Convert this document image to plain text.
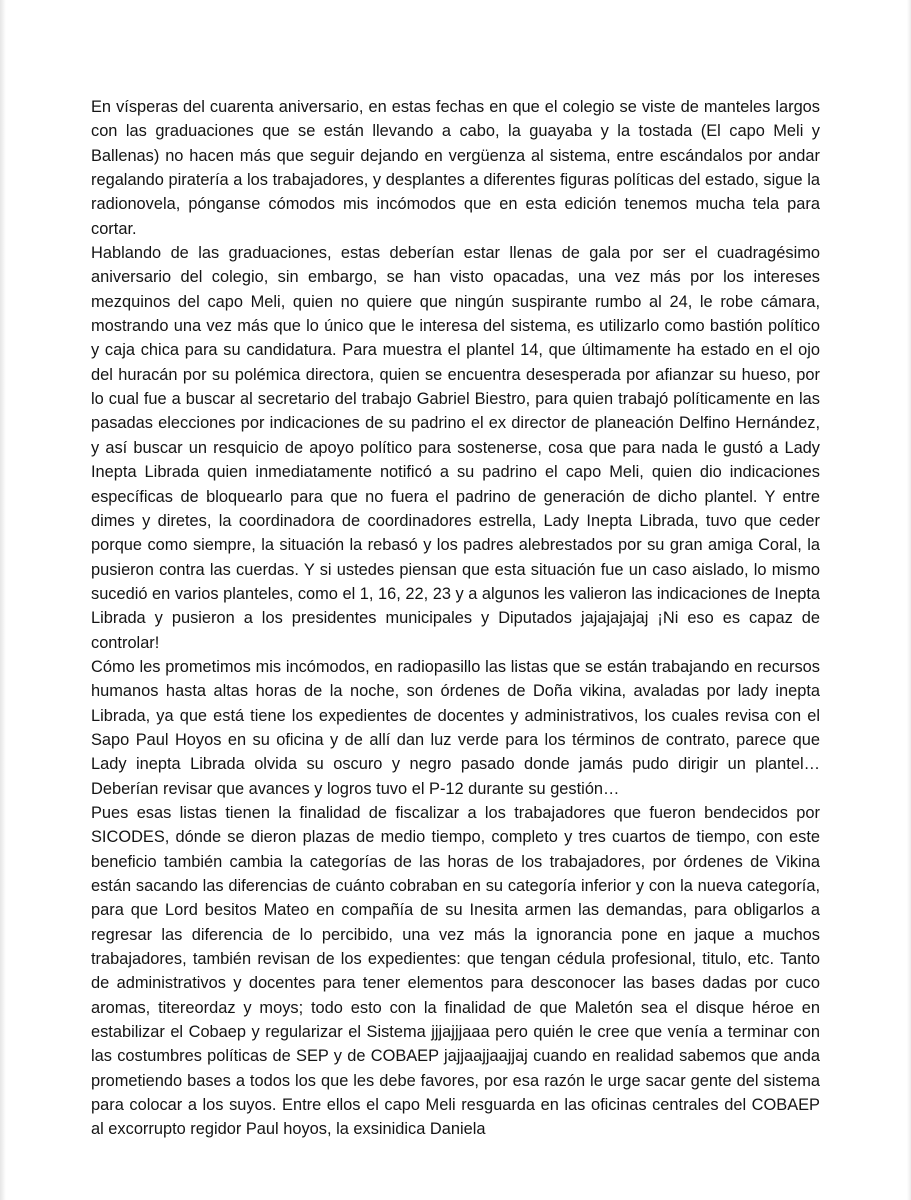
En vísperas del cuarenta aniversario, en estas fechas en que el colegio se viste de manteles largos con las graduaciones que se están llevando a cabo, la guayaba y la tostada (El capo Meli y Ballenas) no hacen más que seguir dejando en vergüenza al sistema, entre escándalos por andar regalando piratería a los trabajadores, y desplantes a diferentes figuras políticas del estado, sigue la radionovela, pónganse cómodos mis incómodos que en esta edición tenemos mucha tela para cortar.

Hablando de las graduaciones, estas deberían estar llenas de gala por ser el cuadragésimo aniversario del colegio, sin embargo, se han visto opacadas, una vez más por los intereses mezquinos del capo Meli, quien no quiere que ningún suspirante rumbo al 24, le robe cámara, mostrando una vez más que lo único que le interesa del sistema, es utilizarlo como bastión político y caja chica para su candidatura. Para muestra el plantel 14, que últimamente ha estado en el ojo del huracán por su polémica directora, quien se encuentra desesperada por afianzar su hueso, por lo cual fue a buscar al secretario del trabajo Gabriel Biestro, para quien trabajó políticamente en las pasadas elecciones por indicaciones de su padrino el ex director de planeación Delfino Hernández, y así buscar un resquicio de apoyo político para sostenerse, cosa que para nada le gustó a Lady Inepta Librada quien inmediatamente notificó a su padrino el capo Meli, quien dio indicaciones específicas de bloquearlo para que no fuera el padrino de generación de dicho plantel. Y entre dimes y diretes, la coordinadora de coordinadores estrella, Lady Inepta Librada, tuvo que ceder porque como siempre, la situación la rebasó y los padres alebrestados por su gran amiga Coral, la pusieron contra las cuerdas. Y si ustedes piensan que esta situación fue un caso aislado, lo mismo sucedió en varios planteles, como el 1, 16, 22, 23 y a algunos les valieron las indicaciones de Inepta Librada y pusieron a los presidentes municipales y Diputados jajajajajaj ¡Ni eso es capaz de controlar!

Cómo les prometimos mis incómodos, en radiopasillo las listas que se están trabajando en recursos humanos hasta altas horas de la noche, son órdenes de Doña vikina, avaladas por lady inepta Librada, ya que está tiene los expedientes de docentes y administrativos, los cuales revisa con el Sapo Paul Hoyos en su oficina y de allí dan luz verde para los términos de contrato, parece que Lady inepta Librada olvida su oscuro y negro pasado donde jamás pudo dirigir un plantel… Deberían revisar que avances y logros tuvo el P-12 durante su gestión…

Pues esas listas tienen la finalidad de fiscalizar a los trabajadores que fueron bendecidos por SICODES, dónde se dieron plazas de medio tiempo, completo y tres cuartos de tiempo, con este beneficio también cambia la categorías de las horas de los trabajadores, por órdenes de Vikina están sacando las diferencias de cuánto cobraban en su categoría inferior y con la nueva categoría, para que Lord besitos Mateo en compañía de su Inesita armen las demandas, para obligarlos a regresar las diferencia de lo percibido, una vez más la ignorancia pone en jaque a muchos trabajadores, también revisan de los expedientes: que tengan cédula profesional, titulo, etc. Tanto de administrativos y docentes para tener elementos para desconocer las bases dadas por cuco aromas, titereordaz y moys; todo esto con la finalidad de que Maletón sea el disque héroe en estabilizar el Cobaep y regularizar el Sistema jjjajjjaaa pero quién le cree que venía a terminar con las costumbres políticas de SEP y de COBAEP jajjaajjaajjaj cuando en realidad sabemos que anda prometiendo bases a todos los que les debe favores, por esa razón le urge sacar gente del sistema para colocar a los suyos. Entre ellos el capo Meli resguarda en las oficinas centrales del COBAEP al excorrupto regidor Paul hoyos, la exsinidica Daniela
